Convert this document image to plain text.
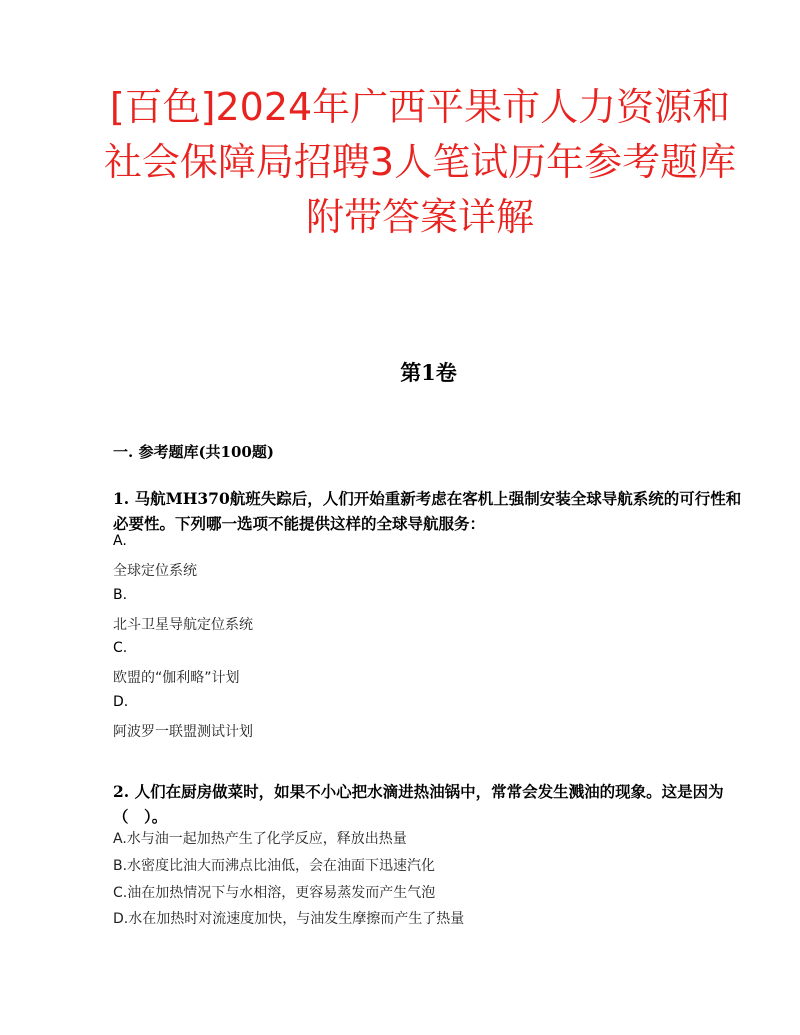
[百色]2024年广西平果市人力资源和社会保障局招聘3人笔试历年参考题库附带答案详解
第1卷
一. 参考题库(共100题)
1. 马航MH370航班失踪后，人们开始重新考虑在客机上强制安装全球导航系统的可行性和必要性。下列哪一选项不能提供这样的全球导航服务：
A.
全球定位系统
B.
北斗卫星导航定位系统
C.
欧盟的“伽利略”计划
D.
阿波罗一联盟测试计划
2. 人们在厨房做菜时，如果不小心把水滴进热油锅中，常常会发生溅油的现象。这是因为（　）。
A.水与油一起加热产生了化学反应，释放出热量
B.水密度比油大而沸点比油低，会在油面下迅速汽化
C.油在加热情况下与水相溶，更容易蒸发而产生气泡
D.水在加热时对流速度加快，与油发生摩擦而产生了热量
